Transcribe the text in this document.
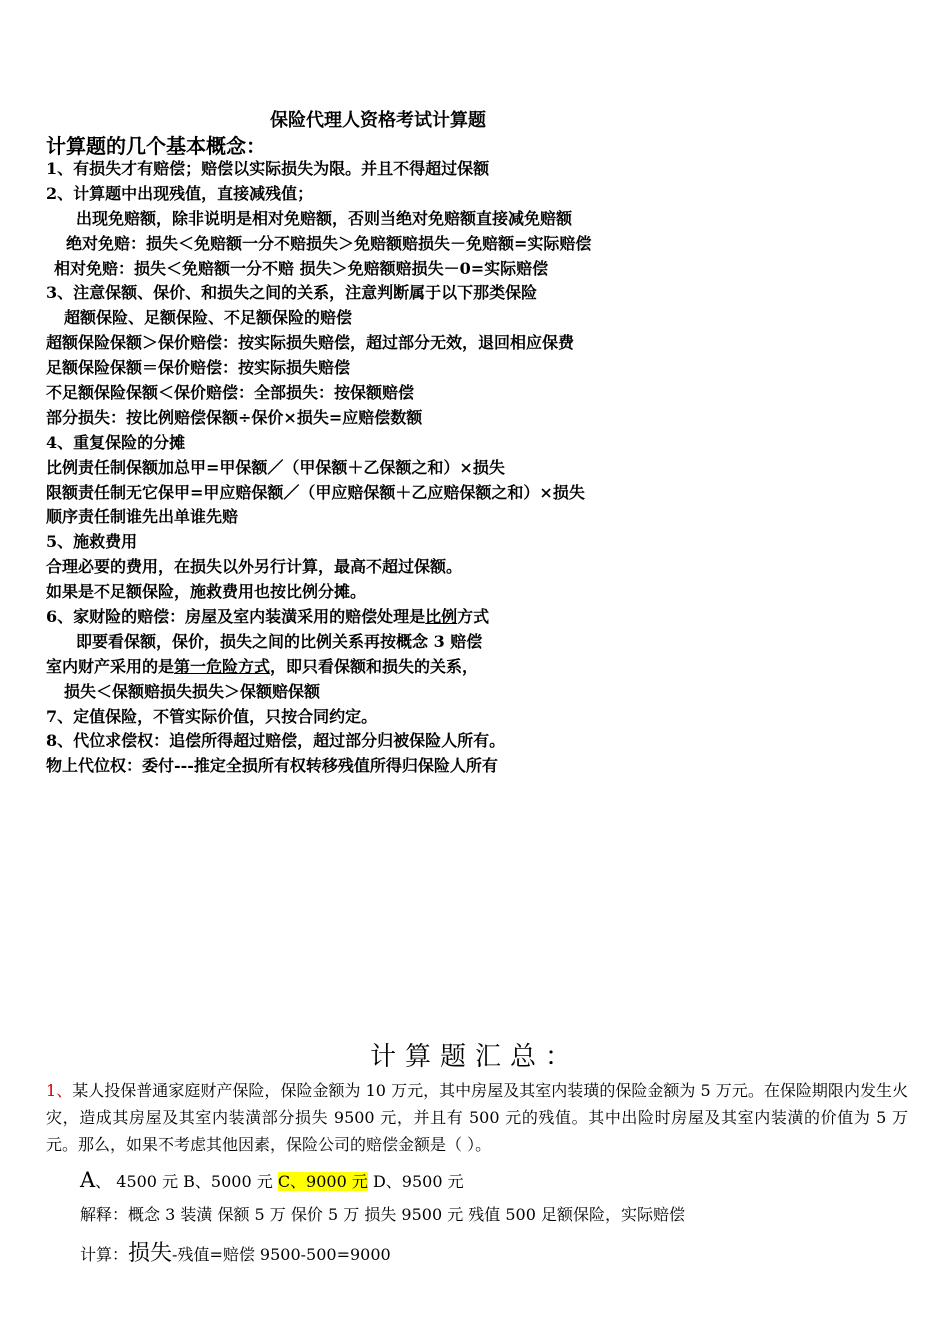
保险代理人资格考试计算题
计算题的几个基本概念：
1、有损失才有赔偿；赔偿以实际损失为限。并且不得超过保额
2、计算题中出现残值，直接减残值；
出现免赔额，除非说明是相对免赔额，否则当绝对免赔额直接减免赔额
绝对免赔：损失＜免赔额一分不赔损失＞免赔额赔损失－免赔额=实际赔偿
相对免赔：损失＜免赔额一分不赔 损失＞免赔额赔损失－0=实际赔偿
3、注意保额、保价、和损失之间的关系，注意判断属于以下那类保险
超额保险、足额保险、不足额保险的赔偿
超额保险保额＞保价赔偿：按实际损失赔偿，超过部分无效，退回相应保费
足额保险保额＝保价赔偿：按实际损失赔偿
不足额保险保额＜保价赔偿：全部损失：按保额赔偿
部分损失：按比例赔偿保额÷保价×损失=应赔偿数额
4、重复保险的分摊
比例责任制保额加总甲=甲保额／（甲保额＋乙保额之和）×损失
限额责任制无它保甲=甲应赔保额／（甲应赔保额＋乙应赔保额之和）×损失
顺序责任制谁先出单谁先赔
5、施救费用
合理必要的费用，在损失以外另行计算，最高不超过保额。
如果是不足额保险，施救费用也按比例分摊。
6、家财险的赔偿：房屋及室内装潢采用的赔偿处理是比例方式
即要看保额，保价，损失之间的比例关系再按概念 3 赔偿
室内财产采用的是第一危险方式，即只看保额和损失的关系，
损失＜保额赔损失损失＞保额赔保额
7、定值保险，不管实际价值，只按合同约定。
8、代位求偿权：追偿所得超过赔偿，超过部分归被保险人所有。
物上代位权：委付---推定全损所有权转移残值所得归保险人所有
计算题汇总：
1、某人投保普通家庭财产保险，保险金额为 10 万元，其中房屋及其室内装璜的保险金额为 5 万元。在保险期限内发生火灾，造成其房屋及其室内装潢部分损失 9500 元，并且有 500 元的残值。其中出险时房屋及其室内装潢的价值为 5 万元。那么，如果不考虑其他因素，保险公司的赔偿金额是（ ）。
A、 4500 元 B、5000 元 C、9000 元 D、9500 元
解释：概念 3 装潢 保额 5 万 保价 5 万 损失 9500 元 残值 500 足额保险，实际赔偿
计算：损失-残值=赔偿 9500-500=9000
